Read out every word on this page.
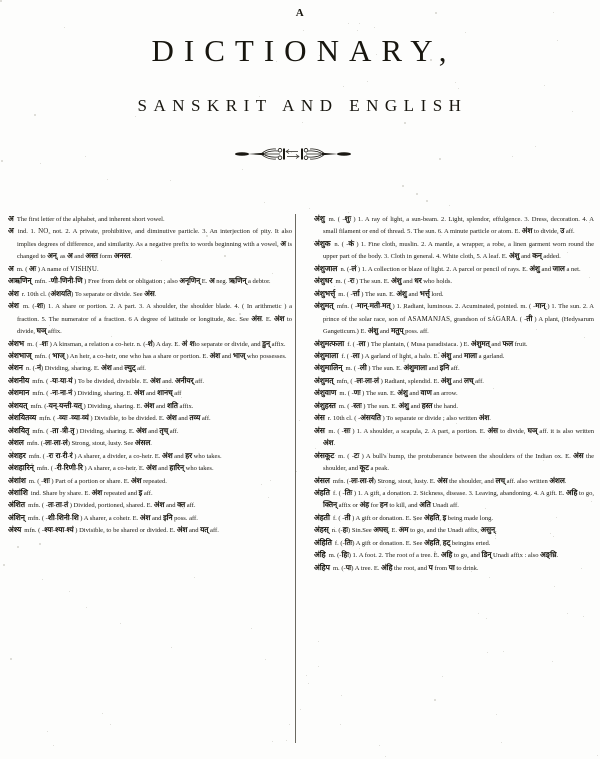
A

DICTIONARY,
SANSKRIT AND ENGLISH

अ The first letter of the alphabet, and inherent short vowel.

अ ind. 1. NO, not. 2. A private, prohibitive, and diminutive particle. 3. An interjection of pity. It also implies degrees of difference, and similarity. As a negative prefix to words beginning with a vowel, अ is changed to अन्, as अ and अस्त form अनस्त.

अ m. ( अः ) A name of VISHṆU.

अऋणिन् mfn. -णी-णिनी-णि ) Free from debt or obligation ; also अनृणिन् E. अ neg. ऋणिन् a debtor.

अंश r. 10th cl. (अंशयति) To separate or divide. See अंस.

अंश m. (-शः) 1. A share or portion. 2. A part. 3. A shoulder, the shoulder blade. 4. ( In arithmetic ) a fraction. 5. The numerator of a fraction. 6 A degree of latitude or longitude, &c. See अंस. E. अंश to divide, घञ् affix.

अंशभ m. ( -शः ) A kinsman, a relation a co-heir. n. (-शं) A day. E. अं शto separate or divide, and डुन् affix.

अंशभाज् mfn. ( भाज् ) An heir, a co-heir, one who has a share or portion. E. अंश and भाज् who possesses.

अंशन n. (-नं) Dividing, sharing. E. अंश and ल्युट् aff.

अंशनीय mfn. ( -यः-या-यं ) To be divided, divisible. E. अंश and. अनीयर् aff.

अंशमान mfn. ( -नः-ना-नं ) Dividing, sharing. E. अंश and शानच् aff

अंशयत् mfn. (-यन्-यन्ती-यत् ) Dividing, sharing. E. अंश and शति affix.

अंशयितव्य mfn. ( -व्यः -व्या-व्यं ) Divisible, to be divided. E. अंश and तव्य aff.

अंशयितृ mfn. ( -ता -त्री-तृ ) Dividing, sharing. E. अंश and तृच् aff.

अंशल mfn. (-लः-ला-लं) Strong, stout, lusty. See अंसल.

अंशहर mfn. ( -रः रा-री-रं ) A sharer, a divider, a co-heir. E. अंश and हर who takes.

अंशहारिन् mfn. ( -री-रिणी-रि ) A sharer, a co-heir. E. अंश and हारिन् who takes.

अंशांश m. ( -शः ) Part of a portion or share. E. अंश repeated.

अंशांशि ind. Share by share. E. अंश repeated and इ aff.

अंशित mfn. ( -तः-ता-तं ) Divided, portioned, shared. E. अंश and क्त aff.

अंशिन् mfn. ( -शी-शिनी-शि ) A sharer, a coheir. E. अंश and इनि poss. aff.

अंश्य mfn. ( -श्यः-श्या-श्यं ) Divisible, to be shared or divided. E. अंश and यत् aff.

अंशु m. ( -शुः ) 1. A ray of light, a sun-beam. 2. Light, splendor, effulgence. 3. Dress, decoration. 4. A small filament or end of thread. 5. The sun. 6. A minute particle or atom. E. अंश to divide, उ aff.

अंशुक n. ( -कं ) 1. Fine cloth, muslin. 2. A mantle, a wrapper, a robe, a linen garment worn round the upper part of the body. 3. Cloth in general. 4. White cloth, 5. A leaf. E. अंशु and कन् added.

अंशुजाल n. (-लं ) 1. A collection or blaze of light. 2. A parcel or pencil of rays. E. अंशु and जाल a net.

अंशुधर m. ( -रः ) The sun. E. अंशु and धर who holds.

अंशुभर्त्तृ m. ( -र्त्ता ) The sun. E. अंशु and भर्त्तृ lord.

अंशुमत् mfn. ( -मान्-मती-मत् ) 1. Radiant, luminous. 2. Acuminated, pointed. m. ( -मान् ) 1. The sun. 2. A prince of the solar race, son of ASAMANJAS, grandson of SÁGARA. ( -ती ) A plant, (Hedysarum Gangeticum.) E. अंशु and मतुप् poss. aff.

अंशुमत्फला f. ( -ला ) The plantain, ( Musa paradisiaca. ) E. अंशुमत् and फल fruit.

अंशुमाला f. ( -ला ) A garland of light, a halo. E. अंशु and माला a garland.

अंशुमालिन् m. ( -ली ) The sun. E. अंशुमाला and इनि aff.

अंशुमत् mfn, ( -लः-ला-लं ) Radiant, splendid. E. अंशु and लच् aff.

अंशुवाण m. ( -णः ) The sun. E. अंशु and वाण an arrow.

अंशुहस्त m. ( -स्तः ) The sun. E. अंशु and हस्त the hand.

अंस r. 10th cl. ( -अंसयति ) To separate or divide ; also written अंश.

अंस m. ( -सः ) 1. A shoulder, a scapula, 2. A part, a portion. E. अंस to divide, घञ् aff. it is also written अंश.

अंसकूट m. ( -टः ) A bull's hump, the protuberance between the shoulders of the Indian ox. E. अंस the shoulder, and कूट a peak.

अंसल mfn. (-लः-ला-लं) Strong, stout, lusty. E. अंस the shoulder, and लच् aff. also written अंशल.

अंहति f. ( -तिः ) 1. A gift, a donation. 2. Sickness, disease. 3. Leaving, abandoning. 4. A gift. E. अहि to go, क्तिन् affix or अंह for हन to kill, and अति Unadi aff.

अंहती f. ( -ती ) A gift or donation. E. See अंहति, इ being made long.

अंहस् n. (-हः) Sin.See अघस्. E. अम to go, and the Unadi affix, असुन्.

अंहिति f. (-तिः) A gift or donation. E. See अंहति, हट् beingins erted.

अंहि m. (-हिः) 1. A foot. 2. The root of a tree. E. अहि to go, and डिन् Unadi affix : also अङ्घ्रि.

अंहिप m. (-पः) A tree. E. अंहि the root, and प from पा to drink.
